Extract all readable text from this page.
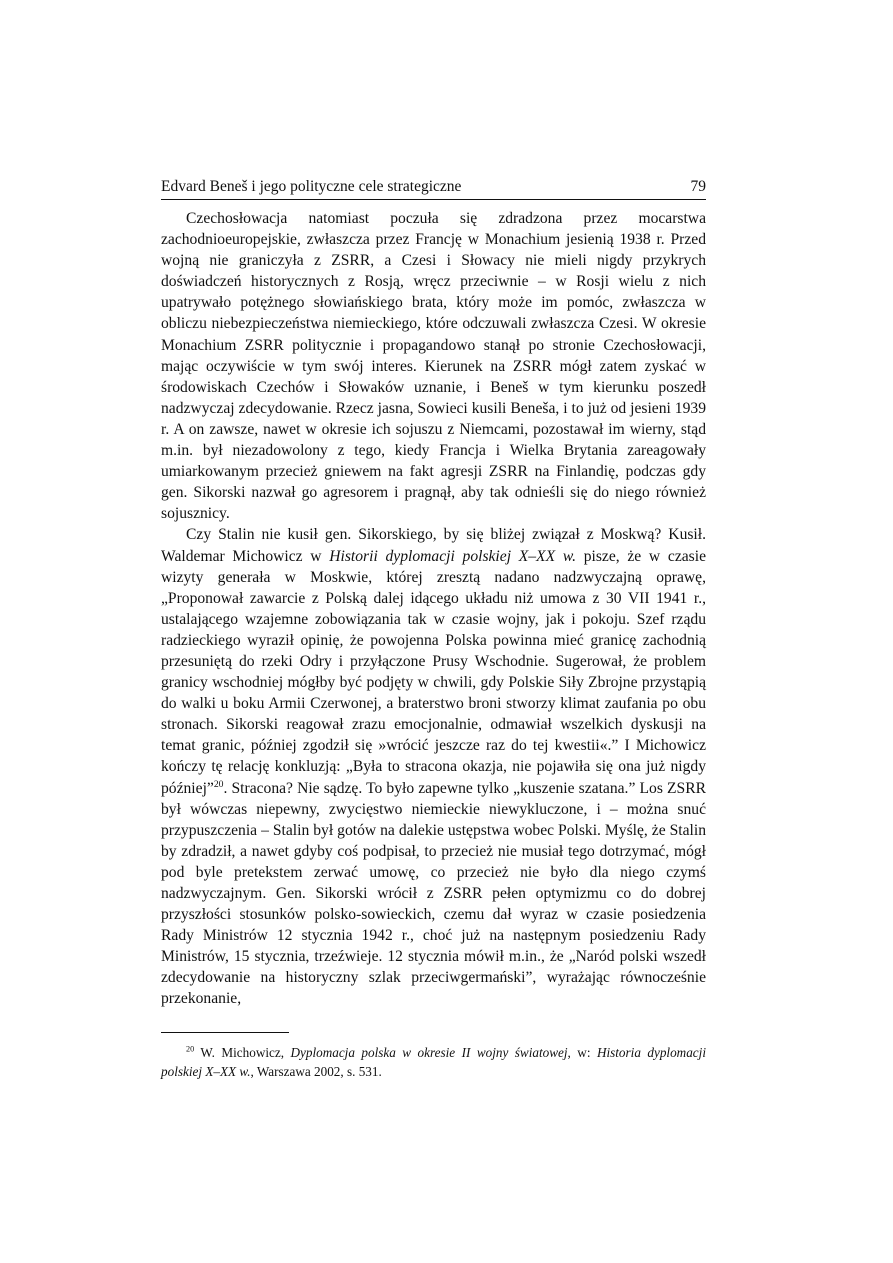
Edvard Beneš i jego polityczne cele strategiczne	79

Czechosłowacja natomiast poczuła się zdradzona przez mocarstwa zachodnioeuropejskie, zwłaszcza przez Francję w Monachium jesienią 1938 r. Przed wojną nie graniczyła z ZSRR, a Czesi i Słowacy nie mieli nigdy przykrych doświadczeń historycznych z Rosją, wręcz przeciwnie – w Rosji wielu z nich upatrywało potężnego słowiańskiego brata, który może im pomóc, zwłaszcza w obliczu niebezpieczeństwa niemieckiego, które odczuwali zwłaszcza Czesi. W okresie Monachium ZSRR politycznie i propagandowo stanął po stronie Czechosłowacji, mając oczywiście w tym swój interes. Kierunek na ZSRR mógł zatem zyskać w środowiskach Czechów i Słowaków uznanie, i Beneš w tym kierunku poszedł nadzwyczaj zdecydowanie. Rzecz jasna, Sowieci kusili Beneša, i to już od jesieni 1939 r. A on zawsze, nawet w okresie ich sojuszu z Niemcami, pozostawał im wierny, stąd m.in. był niezadowolony z tego, kiedy Francja i Wielka Brytania zareagowały umiarkowanym przecież gniewem na fakt agresji ZSRR na Finlandię, podczas gdy gen. Sikorski nazwał go agresorem i pragnął, aby tak odnieśli się do niego również sojusznicy.

Czy Stalin nie kusił gen. Sikorskiego, by się bliżej związał z Moskwą? Kusił. Waldemar Michowicz w Historii dyplomacji polskiej X–XX w. pisze, że w czasie wizyty generała w Moskwie, której zresztą nadano nadzwyczajną oprawę, „Proponował zawarcie z Polską dalej idącego układu niż umowa z 30 VII 1941 r., ustalającego wzajemne zobowiązania tak w czasie wojny, jak i pokoju. Szef rządu radzieckiego wyraził opinię, że powojenna Polska powinna mieć granicę zachodnią przesuniętą do rzeki Odry i przyłączone Prusy Wschodnie. Sugerował, że problem granicy wschodniej mógłby być podjęty w chwili, gdy Polskie Siły Zbrojne przystąpią do walki u boku Armii Czerwonej, a braterstwo broni stworzy klimat zaufania po obu stronach. Sikorski reagował zrazu emocjonalnie, odmawiał wszelkich dyskusji na temat granic, później zgodził się »wrócić jeszcze raz do tej kwestii«.” I Michowicz kończy tę relację konkluzją: „Była to stracona okazja, nie pojawiła się ona już nigdy później”$^{20}$. Stracona? Nie sądzę. To było zapewne tylko „kuszenie szatana.” Los ZSRR był wówczas niepewny, zwycięstwo niemieckie niewykluczone, i – można snuć przypuszczenia – Stalin był gotów na dalekie ustępstwa wobec Polski. Myślę, że Stalin by zdradził, a nawet gdyby coś podpisał, to przecież nie musiał tego dotrzymać, mógł pod byle pretekstem zerwać umowę, co przecież nie było dla niego czymś nadzwyczajnym. Gen. Sikorski wrócił z ZSRR pełen optymizmu co do dobrej przyszłości stosunków polsko-sowieckich, czemu dał wyraz w czasie posiedzenia Rady Ministrów 12 stycznia 1942 r., choć już na następnym posiedzeniu Rady Ministrów, 15 stycznia, trzeźwieje. 12 stycznia mówił m.in., że „Naród polski wszedł zdecydowanie na historyczny szlak przeciwgermański”, wyrażając równocześnie przekonanie,

$^{20}$ W. Michowicz, Dyplomacja polska w okresie II wojny światowej, w: Historia dyplomacji polskiej X–XX w., Warszawa 2002, s. 531.
